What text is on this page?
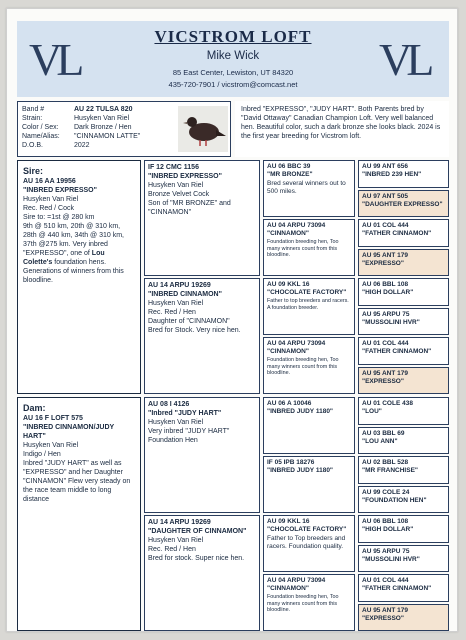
VL	VL
VICSTROM LOFT
Mike Wick
85 East Center, Lewiston, UT 84320
435-720-7901 / vicstrom@comcast.net
Band #	AU 22 TULSA 820
Strain:	Husyken Van Riel
Color / Sex:	Dark Bronze / Hen
Name/Alias:	"CINNAMON LATTE"
D.O.B.	2022
Inbred "EXPRESSO", "JUDY HART". Both Parents bred by "David Ottaway" Canadian Champion Loft. Very well balanced hen. Beautiful color, such a dark bronze she looks black. 2024 is the first year breeding for Vicstrom loft.
Sire:
AU 16 AA 19956
"INBRED EXPRESSO"
Husyken Van Riel
Rec. Red / Cock
Sire to: =1st @ 280 km
9th @ 510 km, 20th @ 310 km, 28th @ 440 km, 34th @ 310 km, 37th @275 km. Very inbred "EXPRESSO", one of Lou Colette's foundation hens. Generations of winners from this bloodline.
Dam:
AU 16 F LOFT 575
"INBRED CINNAMON/JUDY HART"
Husyken Van Riel
Indigo / Hen
Inbred "JUDY HART" as well as "EXPRESSO" and her Daughter "CINNAMON" Flew very steady on the race team middle to long distance
IF 12 CMC 1156
"INBRED EXPRESSO"
Husyken Van Riel
Bronze Velvet Cock
Son of "MR BRONZE" and "CINNAMON"
AU 14 ARPU 19269
"INBRED CINNAMON"
Husyken Van Riel
Rec. Red / Hen
Daughter of "CINNAMON"
Bred for Stock. Very nice hen.
AU 08 I 4126
"Inbred "JUDY HART"
Husyken Van Riel
Very inbred "JUDY HART"
Foundation Hen
AU 14 ARPU 19269
"DAUGHTER OF CINNAMON"
Husyken Van Riel
Rec. Red / Hen
Bred for stock. Super nice hen.
AU 06 BBC 39
"MR BRONZE"
Bred several winners out to 500 miles.
AU 04 ARPU 73094
"CINNAMON"
Foundation breeding hen, Too many winners count from this bloodline.
AU 09 KKL 16
"CHOCOLATE FACTORY"
Father to top breeders and racers. A foundation breeder.
AU 04 ARPU 73094
"CINNAMON"
Foundation breeding hen, Too many winners count from this bloodline.
AU 06 A 10046
"INBRED JUDY 1180"
IF 05 IPB 18276
"INBRED JUDY 1180"
AU 09 KKL 16
"CHOCOLATE FACTORY"
Father to Top breeders and racers. Foundation quality.
AU 04 ARPU 73094
"CINNAMON"
Foundation breeding hen, Too many winners count from this bloodline.
AU 99 ANT 656
"INBRED 239 HEN"
AU 97 ANT 505
"DAUGHTER EXPRESSO"
AU 01 COL 444
"FATHER CINNAMON"
AU 95 ANT 179
"EXPRESSO"
AU 06 BBL 108
"HIGH DOLLAR"
AU 95 ARPU 75
"MUSSOLINI HVR"
AU 01 COL 444
"FATHER CINNAMON"
AU 95 ANT 179
"EXPRESSO"
AU 01 COLE 438
"LOU"
AU 03 BBL 69
"LOU ANN"
AU 02 BBL 528
"MR FRANCHISE"
AU 99 COLE 24
"FOUNDATION HEN"
AU 06 BBL 108
"HIGH DOLLAR"
AU 95 ARPU 75
"MUSSOLINI HVR"
AU 01 COL 444
"FATHER CINNAMON"
AU 95 ANT 179
"EXPRESSO"
